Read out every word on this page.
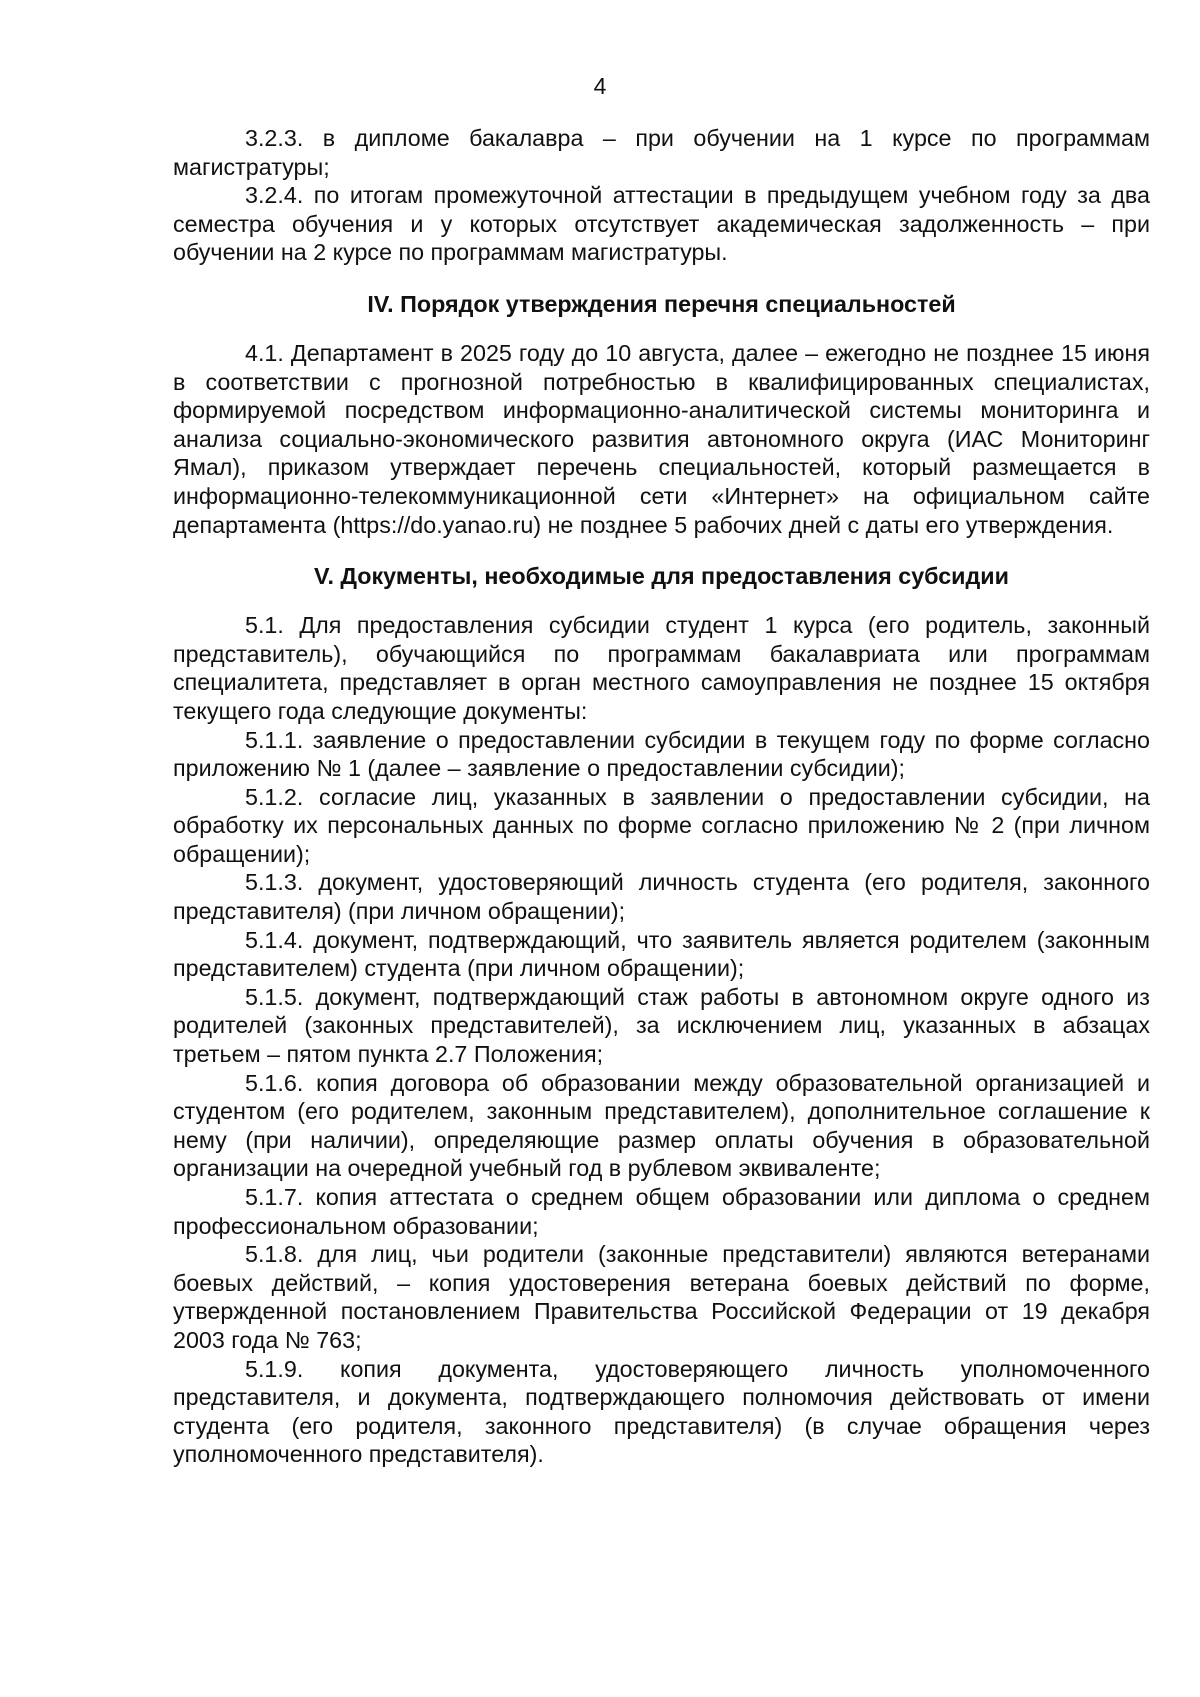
4

3.2.3. в дипломе бакалавра – при обучении на 1 курсе по программам магистратуры;

3.2.4. по итогам промежуточной аттестации в предыдущем учебном году за два семестра обучения и у которых отсутствует академическая задолженность – при обучении на 2 курсе по программам магистратуры.

IV. Порядок утверждения перечня специальностей

4.1. Департамент в 2025 году до 10 августа, далее – ежегодно не позднее 15 июня в соответствии с прогнозной потребностью в квалифицированных специалистах, формируемой посредством информационно-аналитической системы мониторинга и анализа социально-экономического развития автономного округа (ИАС Мониторинг Ямал), приказом утверждает перечень специальностей, который размещается в информационно-телекоммуникационной сети «Интернет» на официальном сайте департамента (https://do.yanao.ru) не позднее 5 рабочих дней с даты его утверждения.

V. Документы, необходимые для предоставления субсидии

5.1. Для предоставления субсидии студент 1 курса (его родитель, законный представитель), обучающийся по программам бакалавриата или программам специалитета, представляет в орган местного самоуправления не позднее 15 октября текущего года следующие документы:

5.1.1. заявление о предоставлении субсидии в текущем году по форме согласно приложению № 1 (далее – заявление о предоставлении субсидии);

5.1.2. согласие лиц, указанных в заявлении о предоставлении субсидии, на обработку их персональных данных по форме согласно приложению № 2 (при личном обращении);

5.1.3. документ, удостоверяющий личность студента (его родителя, законного представителя) (при личном обращении);

5.1.4. документ, подтверждающий, что заявитель является родителем (законным представителем) студента (при личном обращении);

5.1.5. документ, подтверждающий стаж работы в автономном округе одного из родителей (законных представителей), за исключением лиц, указанных в абзацах третьем – пятом пункта 2.7 Положения;

5.1.6. копия договора об образовании между образовательной организацией и студентом (его родителем, законным представителем), дополнительное соглашение к нему (при наличии), определяющие размер оплаты обучения в образовательной организации на очередной учебный год в рублевом эквиваленте;

5.1.7. копия аттестата о среднем общем образовании или диплома о среднем профессиональном образовании;

5.1.8. для лиц, чьи родители (законные представители) являются ветеранами боевых действий, – копия удостоверения ветерана боевых действий по форме, утвержденной постановлением Правительства Российской Федерации от 19 декабря 2003 года № 763;

5.1.9. копия документа, удостоверяющего личность уполномоченного представителя, и документа, подтверждающего полномочия действовать от имени студента (его родителя, законного представителя) (в случае обращения через уполномоченного представителя).
